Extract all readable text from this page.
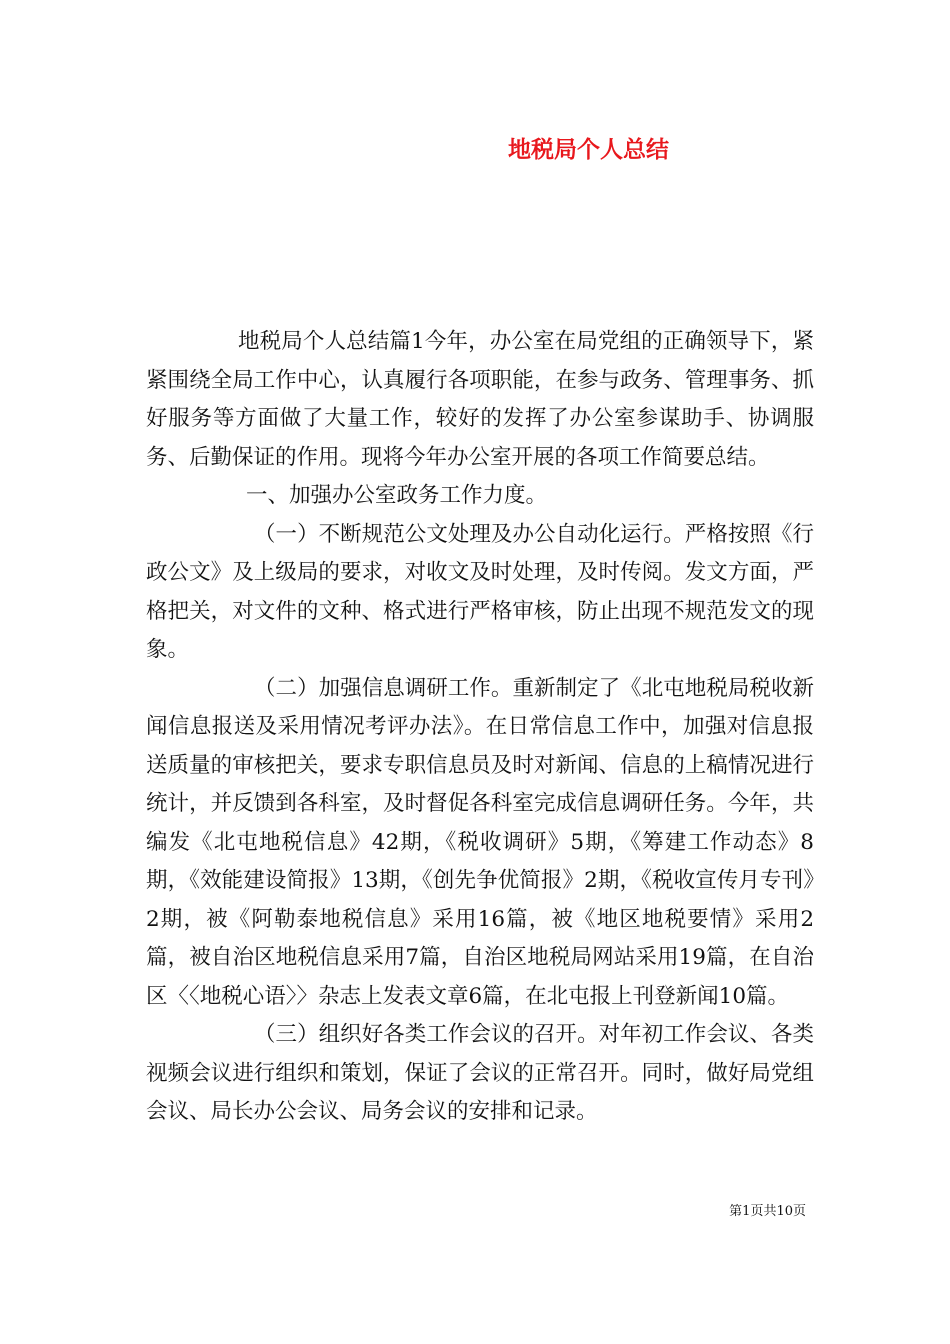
地税局个人总结

地税局个人总结篇1今年，办公室在局党组的正确领导下，紧紧围绕全局工作中心，认真履行各项职能，在参与政务、管理事务、抓好服务等方面做了大量工作，较好的发挥了办公室参谋助手、协调服务、后勤保证的作用。现将今年办公室开展的各项工作简要总结。

一、加强办公室政务工作力度。

（一）不断规范公文处理及办公自动化运行。严格按照《行政公文》及上级局的要求，对收文及时处理，及时传阅。发文方面，严格把关，对文件的文种、格式进行严格审核，防止出现不规范发文的现象。

（二）加强信息调研工作。重新制定了《北屯地税局税收新闻信息报送及采用情况考评办法》。在日常信息工作中，加强对信息报送质量的审核把关，要求专职信息员及时对新闻、信息的上稿情况进行统计，并反馈到各科室，及时督促各科室完成信息调研任务。今年，共编发《北屯地税信息》42期，《税收调研》5期，《筹建工作动态》8期，《效能建设简报》13期，《创先争优简报》2期，《税收宣传月专刊》2期，被《阿勒泰地税信息》采用16篇，被《地区地税要情》采用2篇，被自治区地税信息采用7篇，自治区地税局网站采用19篇，在自治区〈〈地税心语〉〉杂志上发表文章6篇，在北屯报上刊登新闻10篇。

（三）组织好各类工作会议的召开。对年初工作会议、各类视频会议进行组织和策划，保证了会议的正常召开。同时，做好局党组会议、局长办公会议、局务会议的安排和记录。

第1页共10页
